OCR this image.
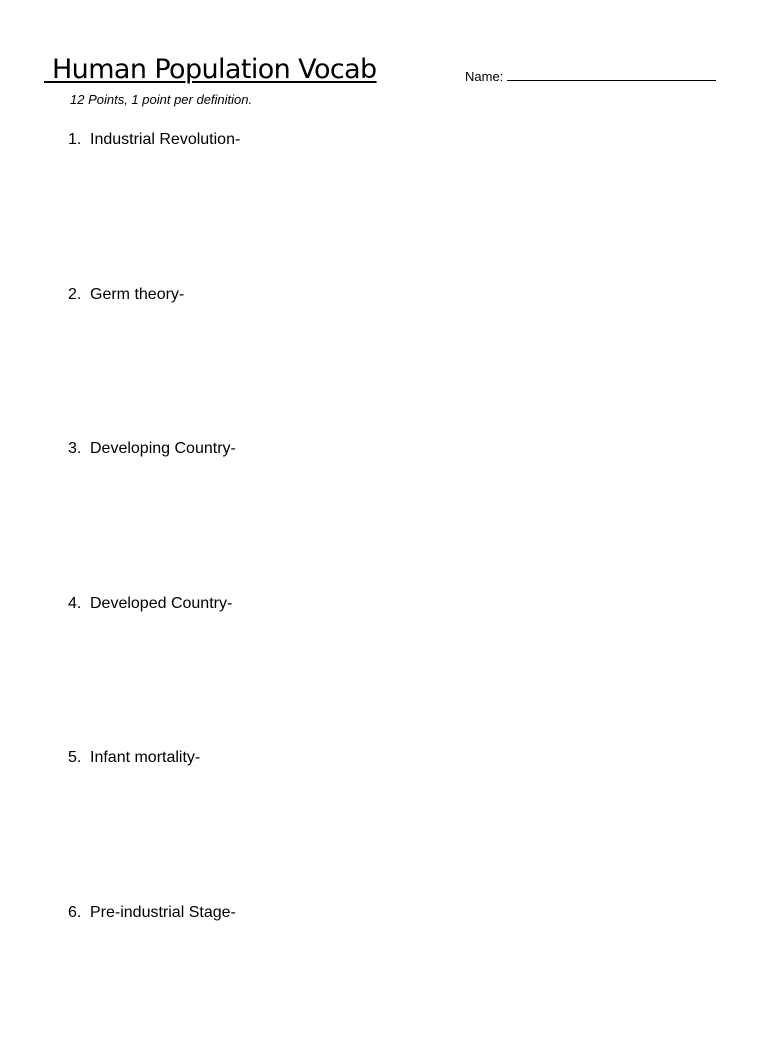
Human Population Vocab	Name:
12 Points, 1 point per definition.
1. Industrial Revolution-
2. Germ theory-
3. Developing Country-
4. Developed Country-
5. Infant mortality-
6. Pre-industrial Stage-
